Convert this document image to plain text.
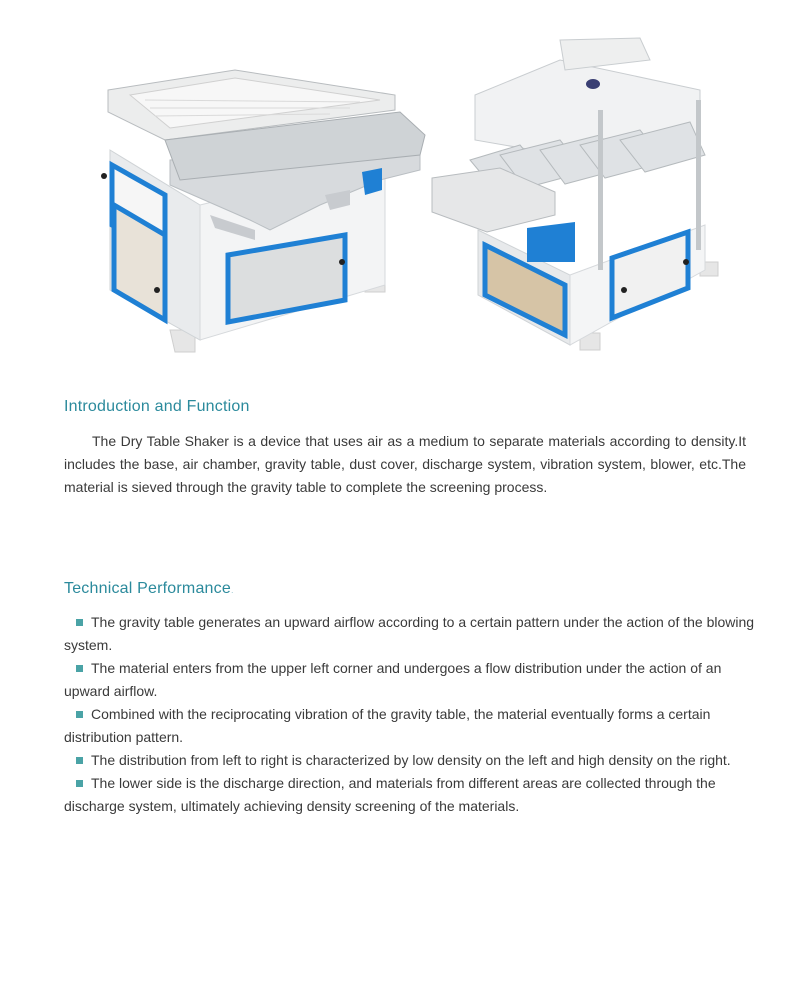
Introduction and Function

The Dry Table Shaker is a device that uses air as a medium to separate materials according to density.It includes the base, air chamber, gravity table, dust cover, discharge system, vibration system, blower, etc.The material is sieved through the gravity table to complete the screening process.

Technical Performance.
The gravity table generates an upward airflow according to a certain pattern under the action of the blowing system.
The material enters from the upper left corner and undergoes a flow distribution under the action of an upward airflow.
Combined with the reciprocating vibration of the gravity table, the material eventually forms a certain distribution pattern.
The distribution from left to right is characterized by low density on the left and high density on the right.
The lower side is the discharge direction, and materials from different areas are collected through the discharge system, ultimately achieving density screening of the materials.
